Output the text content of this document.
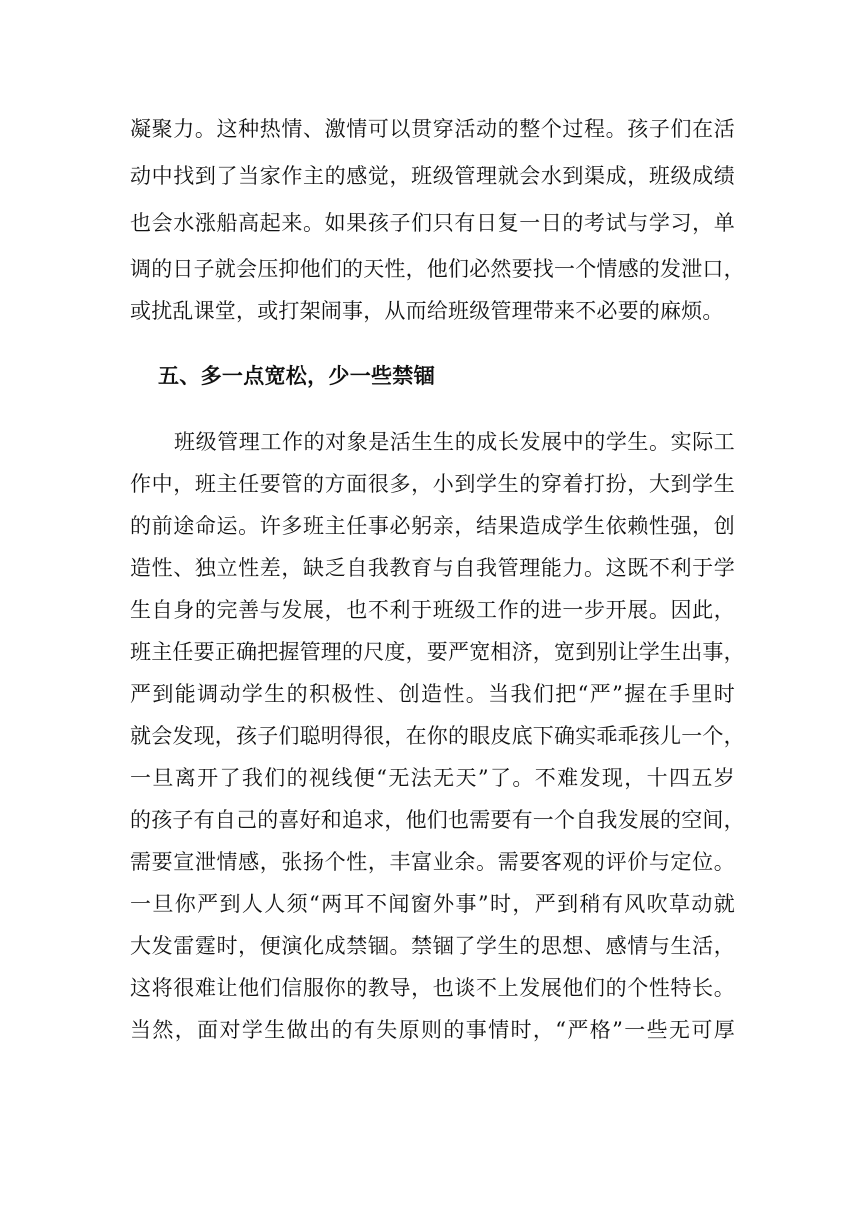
凝聚力。这种热情、激情可以贯穿活动的整个过程。孩子们在活
动中找到了当家作主的感觉，班级管理就会水到渠成，班级成绩
也会水涨船高起来。如果孩子们只有日复一日的考试与学习，单
调的日子就会压抑他们的天性，他们必然要找一个情感的发泄口，
或扰乱课堂，或打架闹事，从而给班级管理带来不必要的麻烦。
五、多一点宽松，少一些禁锢
班级管理工作的对象是活生生的成长发展中的学生。实际工
作中，班主任要管的方面很多，小到学生的穿着打扮，大到学生
的前途命运。许多班主任事必躬亲，结果造成学生依赖性强，创
造性、独立性差，缺乏自我教育与自我管理能力。这既不利于学
生自身的完善与发展，也不利于班级工作的进一步开展。因此，
班主任要正确把握管理的尺度，要严宽相济，宽到别让学生出事，
严到能调动学生的积极性、创造性。当我们把“严”握在手里时
就会发现，孩子们聪明得很，在你的眼皮底下确实乖乖孩儿一个，
一旦离开了我们的视线便“无法无天”了。不难发现，十四五岁
的孩子有自己的喜好和追求，他们也需要有一个自我发展的空间，
需要宣泄情感，张扬个性，丰富业余。需要客观的评价与定位。
一旦你严到人人须“两耳不闻窗外事”时，严到稍有风吹草动就
大发雷霆时，便演化成禁锢。禁锢了学生的思想、感情与生活，
这将很难让他们信服你的教导，也谈不上发展他们的个性特长。
当然，面对学生做出的有失原则的事情时，“严格”一些无可厚
